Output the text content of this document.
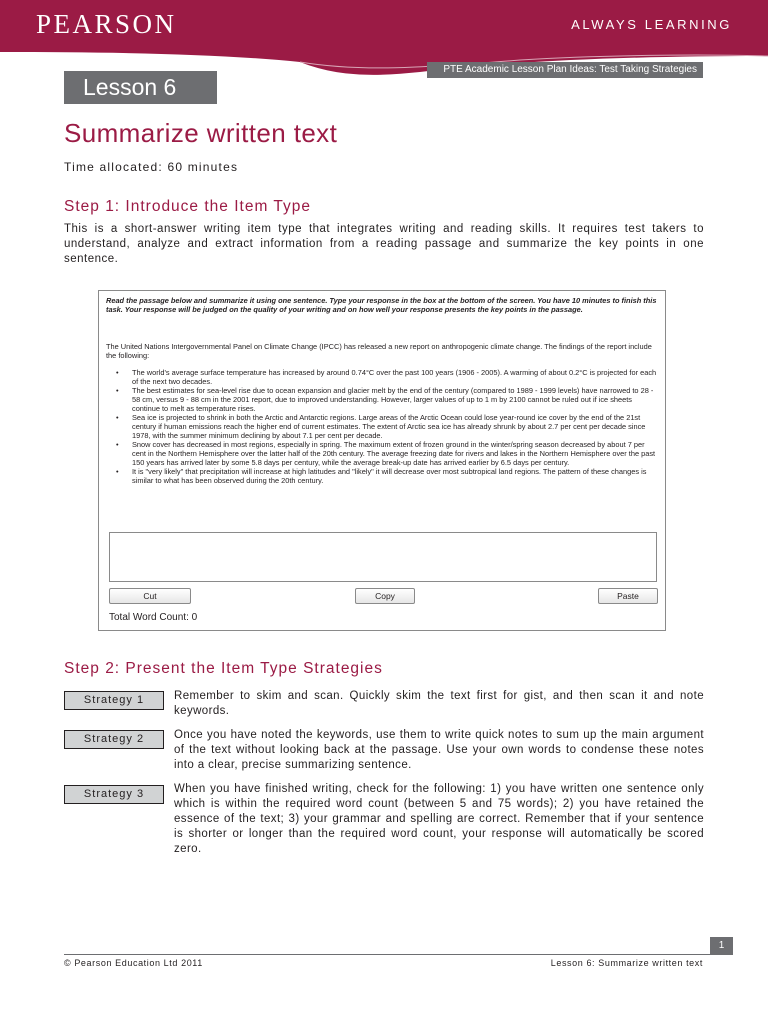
PEARSON	ALWAYS LEARNING
PTE Academic Lesson Plan Ideas: Test Taking Strategies
Lesson 6
Summarize written text
Time allocated: 60 minutes
Step 1: Introduce the Item Type
This is a short-answer writing item type that integrates writing and reading skills. It requires test takers to understand, analyze and extract information from a reading passage and summarize the key points in one sentence.
Read the passage below and summarize it using one sentence. Type your response in the box at the bottom of the screen. You have 10 minutes to finish this task. Your response will be judged on the quality of your writing and on how well your response presents the key points in the passage.
The United Nations Intergovernmental Panel on Climate Change (IPCC) has released a new report on anthropogenic climate change. The findings of the report include the following:
• The world's average surface temperature has increased by around 0.74°C over the past 100 years (1906 - 2005). A warming of about 0.2°C is projected for each of the next two decades.
• The best estimates for sea-level rise due to ocean expansion and glacier melt by the end of the century (compared to 1989 - 1999 levels) have narrowed to 28 - 58 cm, versus 9 - 88 cm in the 2001 report, due to improved understanding. However, larger values of up to 1 m by 2100 cannot be ruled out if ice sheets continue to melt as temperature rises.
• Sea ice is projected to shrink in both the Arctic and Antarctic regions. Large areas of the Arctic Ocean could lose year-round ice cover by the end of the 21st century if human emissions reach the higher end of current estimates. The extent of Arctic sea ice has already shrunk by about 2.7 per cent per decade since 1978, with the summer minimum declining by about 7.1 per cent per decade.
• Snow cover has decreased in most regions, especially in spring. The maximum extent of frozen ground in the winter/spring season decreased by about 7 per cent in the Northern Hemisphere over the latter half of the 20th century. The average freezing date for rivers and lakes in the Northern Hemisphere over the past 150 years has arrived later by some 5.8 days per century, while the average break-up date has arrived earlier by 6.5 days per century.
• It is "very likely" that precipitation will increase at high latitudes and "likely" it will decrease over most subtropical land regions. The pattern of these changes is similar to what has been observed during the 20th century.
Cut	Copy	Paste
Total Word Count: 0
Step 2: Present the Item Type Strategies
Strategy 1	Remember to skim and scan. Quickly skim the text first for gist, and then scan it and note keywords.
Strategy 2	Once you have noted the keywords, use them to write quick notes to sum up the main argument of the text without looking back at the passage. Use your own words to condense these notes into a clear, precise summarizing sentence.
Strategy 3	When you have finished writing, check for the following: 1) you have written one sentence only which is within the required word count (between 5 and 75 words); 2) you have retained the essence of the text; 3) your grammar and spelling are correct. Remember that if your sentence is shorter or longer than the required word count, your response will automatically be scored zero.
1
© Pearson Education Ltd 2011	Lesson 6: Summarize written text
